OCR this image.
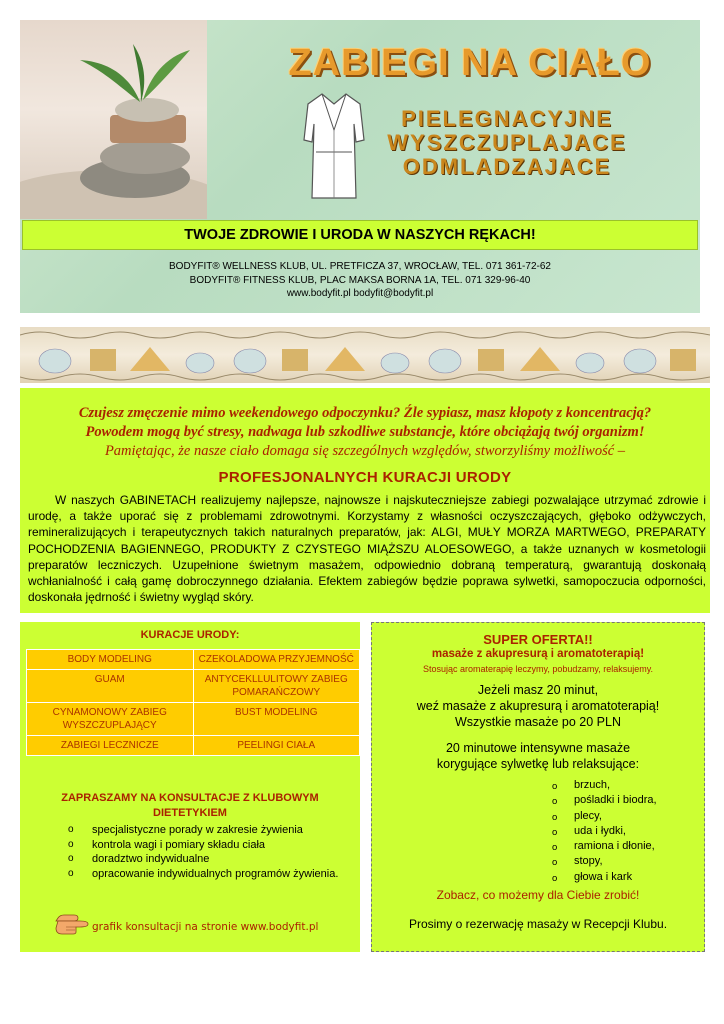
ZABIEGI NA CIAŁO
PIELEGNACYJNE
WYSZCZUPLAJACE
ODMLADZAJACE
TWOJE ZDROWIE I URODA W NASZYCH RĘKACH!
BODYFIT® WELLNESS KLUB, UL. PRETFICZA 37, WROCŁAW, TEL. 071 361-72-62
BODYFIT® FITNESS KLUB, PLAC MAKSA BORNA 1A, TEL. 071 329-96-40
www.bodyfit.pl bodyfit@bodyfit.pl
Czujesz zmęczenie mimo weekendowego odpoczynku? Źle sypiasz, masz kłopoty z koncentracją?
Powodem mogą być stresy, nadwaga lub szkodliwe substancje, które obciążają twój organizm!
Pamiętając, że nasze ciało domaga się szczególnych względów, stworzyliśmy możliwość –
PROFESJONALNYCH KURACJI URODY
W naszych GABINETACH realizujemy najlepsze, najnowsze i najskuteczniejsze zabiegi pozwalające utrzymać zdrowie i urodę, a także uporać się z problemami zdrowotnymi. Korzystamy z własności oczyszczających, głęboko odżywczych, remineralizujących i terapeutycznych takich naturalnych preparatów, jak: ALGI, MUŁY MORZA MARTWEGO, PREPARATY POCHODZENIA BAGIENNEGO, PRODUKTY Z CZYSTEGO MIĄŻSZU ALOESOWEGO, a także uznanych w kosmetologii preparatów leczniczych. Uzupełnione świetnym masażem, odpowiednio dobraną temperaturą, gwarantują doskonałą wchłanialność i całą gamę dobroczynnego działania. Efektem zabiegów będzie poprawa sylwetki, samopoczucia odporności, doskonała jędrność i świetny wygląd skóry.
KURACJE URODY:
BODY MODELING	CZEKOLADOWA PRZYJEMNOŚĆ
GUAM	ANTYCEKLLULITOWY ZABIEG POMARAŃCZOWY
CYNAMONOWY ZABIEG WYSZCZUPLAJĄCY	BUST MODELING
ZABIEGI LECZNICZE	PEELINGI CIAŁA
ZAPRASZAMY NA KONSULTACJE Z KLUBOWYM
DIETETYKIEM
o specjalistyczne porady w zakresie żywienia
o kontrola wagi i pomiary składu ciała
o doradztwo indywidualne
o opracowanie indywidualnych programów żywienia.
grafik konsultacji na stronie www.bodyfit.pl
SUPER OFERTA!!
masaże z akupresurą i aromatoterapią!
Stosując aromaterapię leczymy, pobudzamy, relaksujemy.
Jeżeli masz 20 minut,
weź masaże z akupresurą i aromatoterapią!
Wszystkie masaże po 20 PLN
20 minutowe intensywne masaże
korygujące sylwetkę lub relaksujące:
o brzuch,
o pośladki i biodra,
o plecy,
o uda i łydki,
o ramiona i dłonie,
o stopy,
o głowa i kark
Zobacz, co możemy dla Ciebie zrobić!
Prosimy o rezerwację masaży w Recepcji Klubu.
